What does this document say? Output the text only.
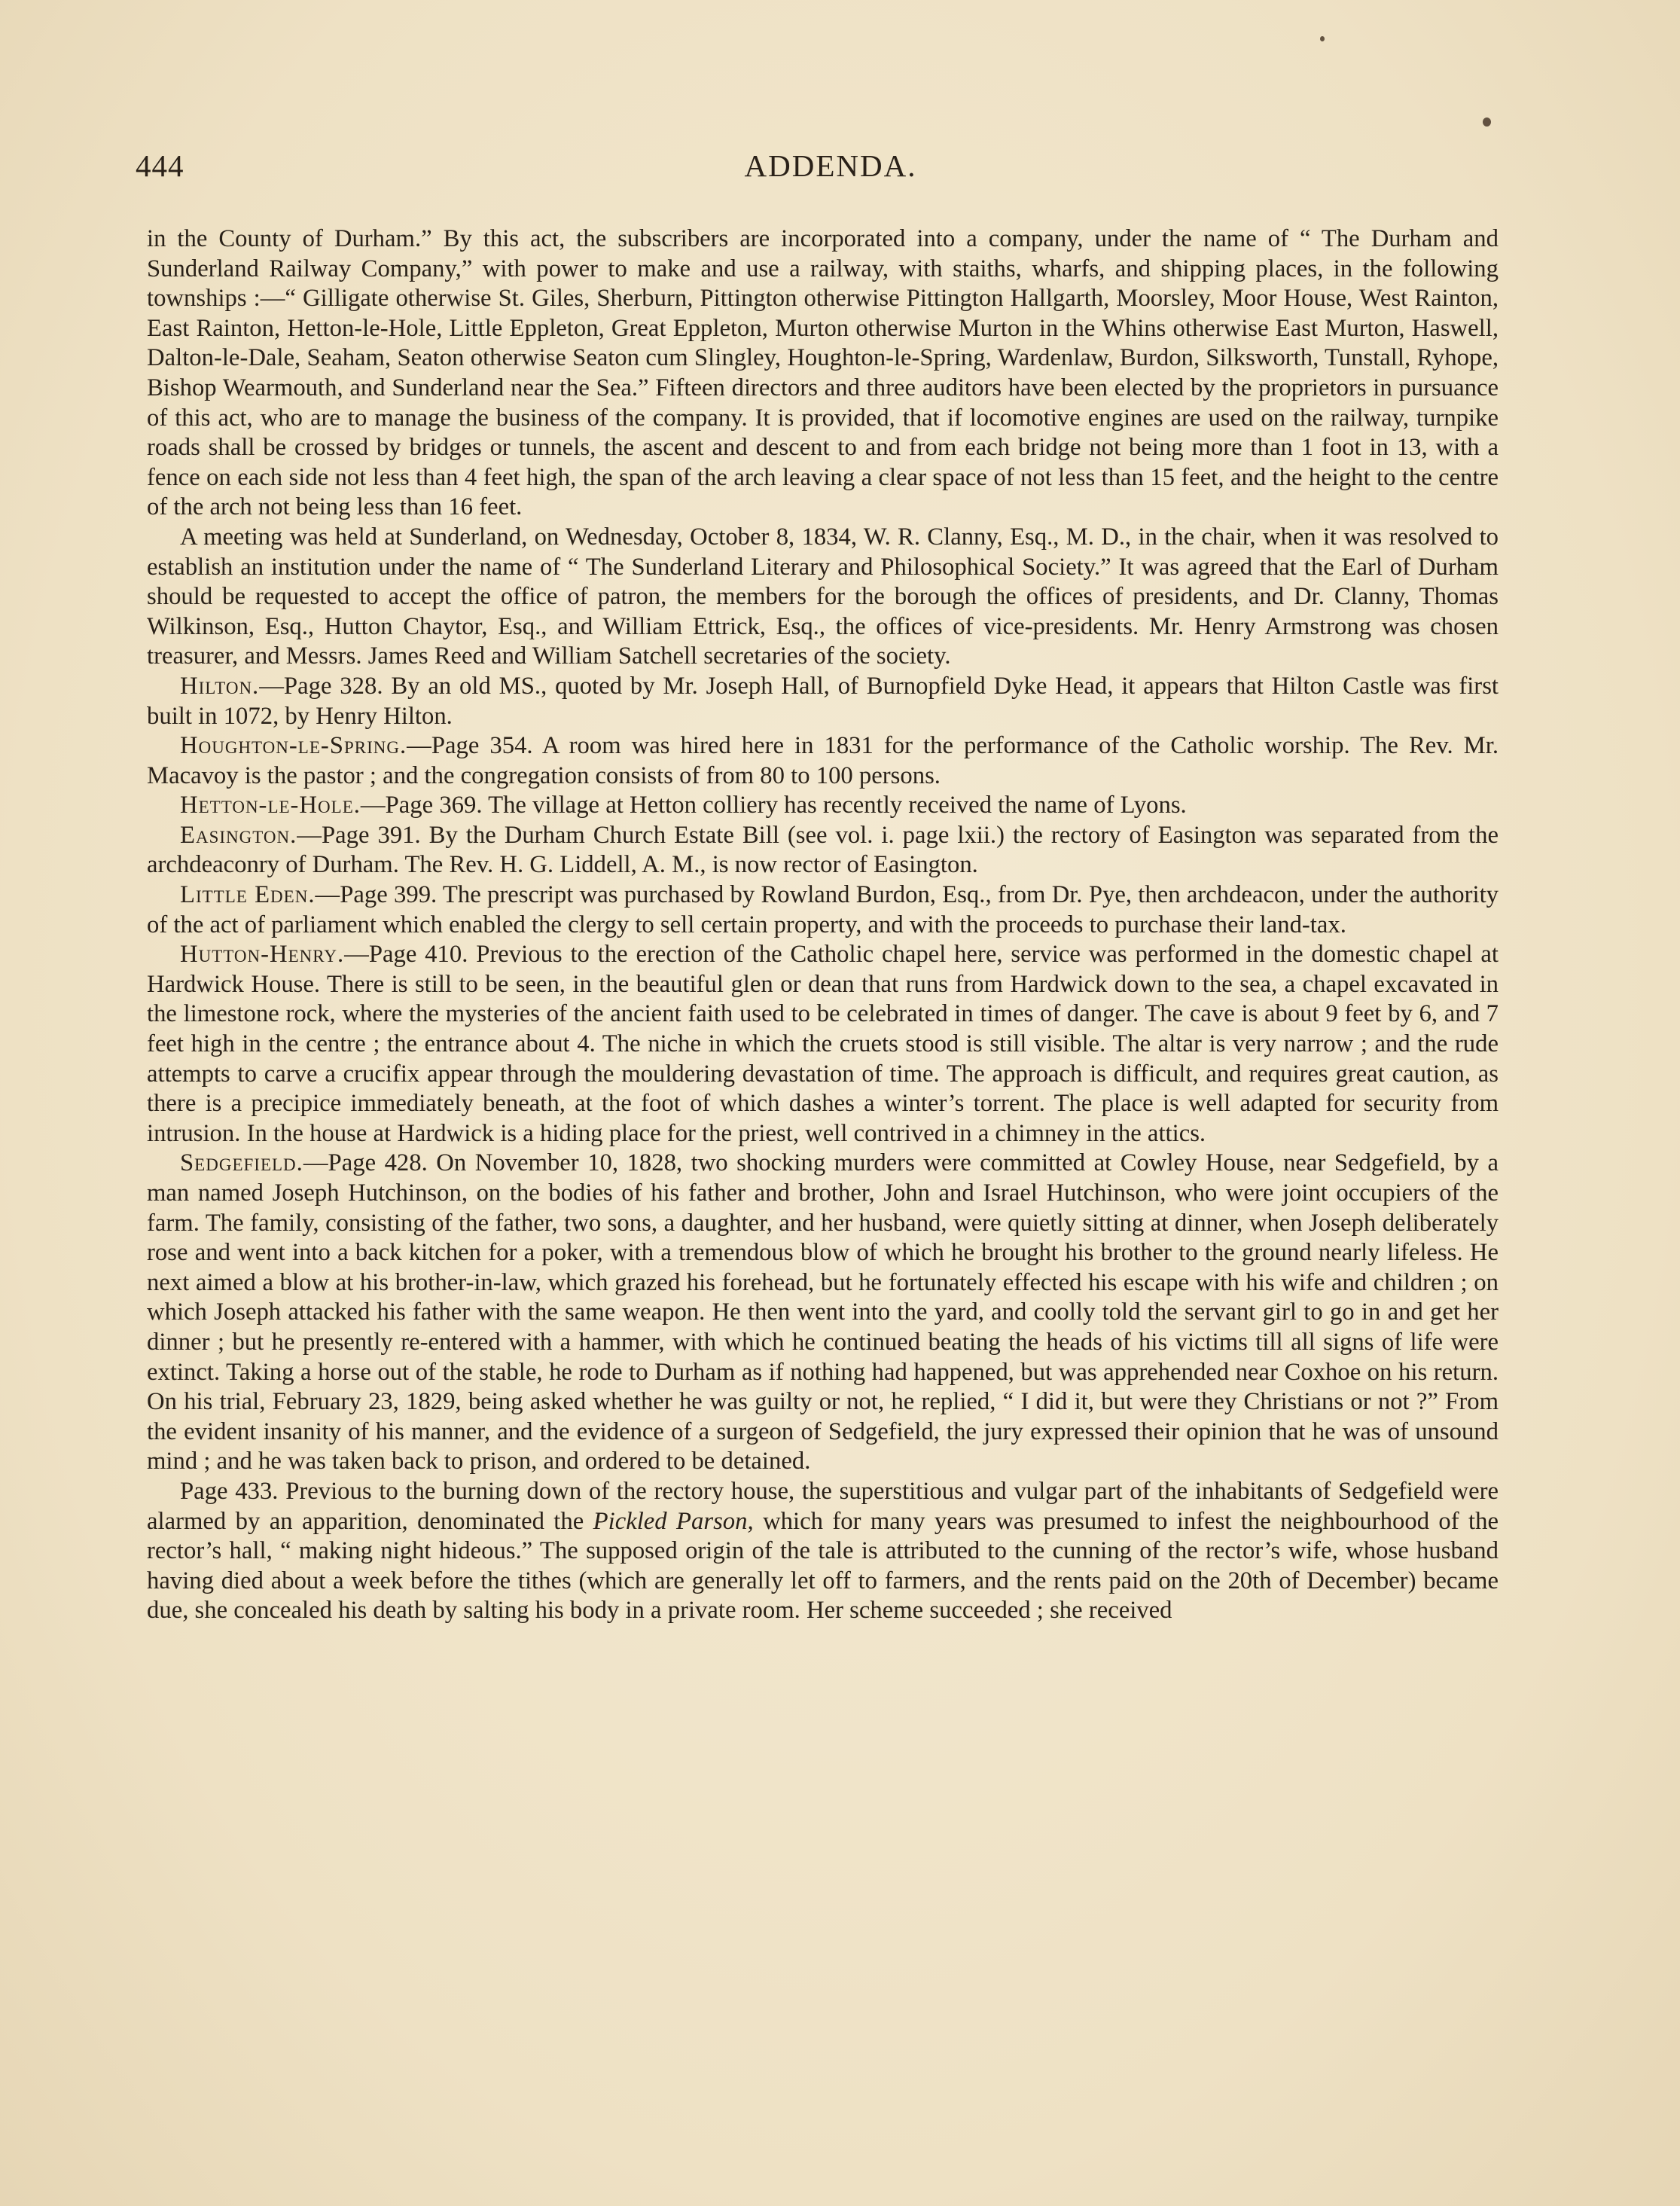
444	ADDENDA.

in the County of Durham.” By this act, the subscribers are incorporated into a company, under the name of “ The Durham and Sunderland Railway Company,” with power to make and use a railway, with staiths, wharfs, and shipping places, in the following townships :—“ Gilligate otherwise St. Giles, Sherburn, Pittington otherwise Pittington Hallgarth, Moorsley, Moor House, West Rainton, East Rainton, Hetton-le-Hole, Little Eppleton, Great Eppleton, Murton otherwise Murton in the Whins otherwise East Murton, Haswell, Dalton-le-Dale, Seaham, Seaton otherwise Seaton cum Slingley, Houghton-le-Spring, Wardenlaw, Burdon, Silksworth, Tunstall, Ryhope, Bishop Wearmouth, and Sunderland near the Sea.” Fifteen directors and three auditors have been elected by the proprietors in pursuance of this act, who are to manage the business of the company. It is provided, that if locomotive engines are used on the railway, turnpike roads shall be crossed by bridges or tunnels, the ascent and descent to and from each bridge not being more than 1 foot in 13, with a fence on each side not less than 4 feet high, the span of the arch leaving a clear space of not less than 15 feet, and the height to the centre of the arch not being less than 16 feet.

A meeting was held at Sunderland, on Wednesday, October 8, 1834, W. R. Clanny, Esq., M. D., in the chair, when it was resolved to establish an institution under the name of “ The Sunderland Literary and Philosophical Society.” It was agreed that the Earl of Durham should be requested to accept the office of patron, the members for the borough the offices of presidents, and Dr. Clanny, Thomas Wilkinson, Esq., Hutton Chaytor, Esq., and William Ettrick, Esq., the offices of vice-presidents. Mr. Henry Armstrong was chosen treasurer, and Messrs. James Reed and William Satchell secretaries of the society.

Hilton.—Page 328. By an old MS., quoted by Mr. Joseph Hall, of Burnopfield Dyke Head, it appears that Hilton Castle was first built in 1072, by Henry Hilton.

Houghton-le-Spring.—Page 354. A room was hired here in 1831 for the performance of the Catholic worship. The Rev. Mr. Macavoy is the pastor ; and the congregation consists of from 80 to 100 persons.

Hetton-le-Hole.—Page 369. The village at Hetton colliery has recently received the name of Lyons.

Easington.—Page 391. By the Durham Church Estate Bill (see vol. i. page lxii.) the rectory of Easington was separated from the archdeaconry of Durham. The Rev. H. G. Liddell, A. M., is now rector of Easington.

Little Eden.—Page 399. The prescript was purchased by Rowland Burdon, Esq., from Dr. Pye, then archdeacon, under the authority of the act of parliament which enabled the clergy to sell certain property, and with the proceeds to purchase their land-tax.

Hutton-Henry.—Page 410. Previous to the erection of the Catholic chapel here, service was performed in the domestic chapel at Hardwick House. There is still to be seen, in the beautiful glen or dean that runs from Hardwick down to the sea, a chapel excavated in the limestone rock, where the mysteries of the ancient faith used to be celebrated in times of danger. The cave is about 9 feet by 6, and 7 feet high in the centre ; the entrance about 4. The niche in which the cruets stood is still visible. The altar is very narrow ; and the rude attempts to carve a crucifix appear through the mouldering devastation of time. The approach is difficult, and requires great caution, as there is a precipice immediately beneath, at the foot of which dashes a winter’s torrent. The place is well adapted for security from intrusion. In the house at Hardwick is a hiding place for the priest, well contrived in a chimney in the attics.

Sedgefield.—Page 428. On November 10, 1828, two shocking murders were committed at Cowley House, near Sedgefield, by a man named Joseph Hutchinson, on the bodies of his father and brother, John and Israel Hutchinson, who were joint occupiers of the farm. The family, consisting of the father, two sons, a daughter, and her husband, were quietly sitting at dinner, when Joseph deliberately rose and went into a back kitchen for a poker, with a tremendous blow of which he brought his brother to the ground nearly lifeless. He next aimed a blow at his brother-in-law, which grazed his forehead, but he fortunately effected his escape with his wife and children ; on which Joseph attacked his father with the same weapon. He then went into the yard, and coolly told the servant girl to go in and get her dinner ; but he presently re-entered with a hammer, with which he continued beating the heads of his victims till all signs of life were extinct. Taking a horse out of the stable, he rode to Durham as if nothing had happened, but was apprehended near Coxhoe on his return. On his trial, February 23, 1829, being asked whether he was guilty or not, he replied, “ I did it, but were they Christians or not ?” From the evident insanity of his manner, and the evidence of a surgeon of Sedgefield, the jury expressed their opinion that he was of unsound mind ; and he was taken back to prison, and ordered to be detained.

Page 433. Previous to the burning down of the rectory house, the superstitious and vulgar part of the inhabitants of Sedgefield were alarmed by an apparition, denominated the Pickled Parson, which for many years was presumed to infest the neighbourhood of the rector’s hall, “ making night hideous.” The supposed origin of the tale is attributed to the cunning of the rector’s wife, whose husband having died about a week before the tithes (which are generally let off to farmers, and the rents paid on the 20th of December) became due, she concealed his death by salting his body in a private room. Her scheme succeeded ; she received
